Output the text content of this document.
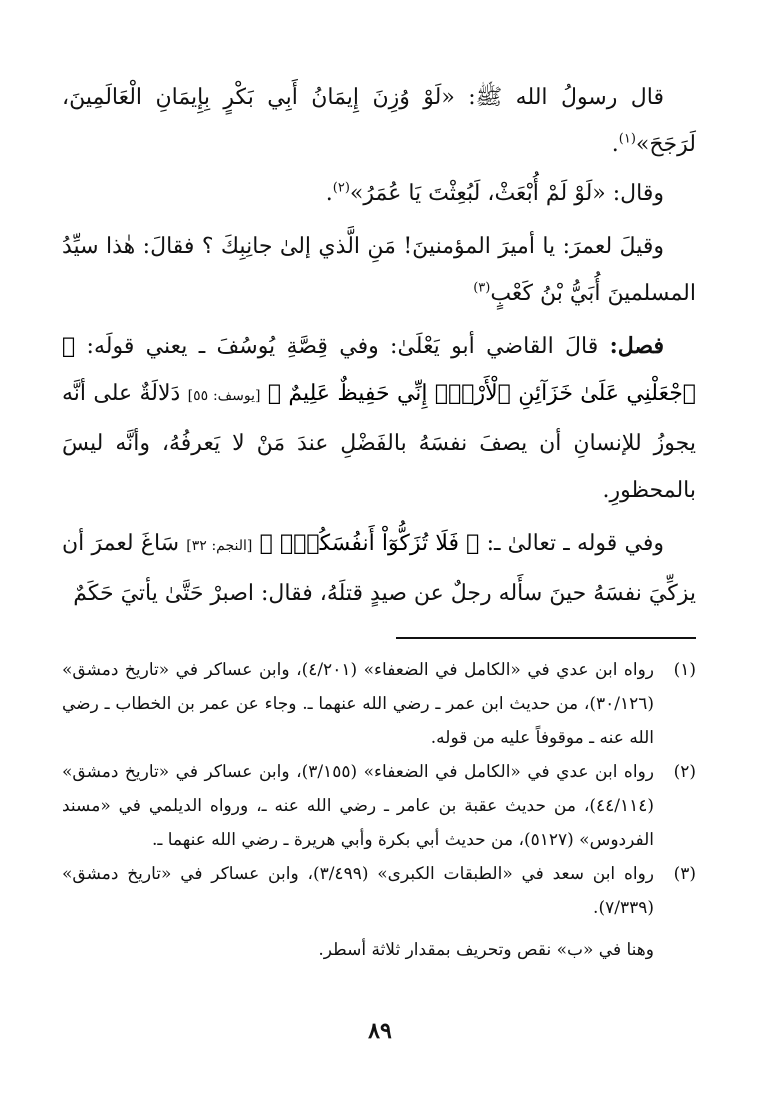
قال رسولُ الله ﷺ: «لَوْ وُزِنَ إِيمَانُ أَبِي بَكْرٍ بِإِيمَانِ الْعَالَمِينَ، لَرَجَحَ»$^{(١)}$.

وقال: «لَوْ لَمْ أُبْعَثْ، لَبُعِثْتَ يَا عُمَرُ»$^{(٢)}$.

وقيلَ لعمرَ: يا أميرَ المؤمنينَ! مَنِ الَّذي إلىٰ جانِبِكَ ؟ فقالَ: هٰذا سيِّدُ المسلمينَ أُبَيُّ بْنُ كَعْبٍ$^{(٣)}$

فصل: قالَ القاضي أبو يَعْلَىٰ: وفي قِصَّةِ يُوسُفَ ـ يعني قولَه: ﴿ ٱجْعَلْنِي عَلَىٰ خَزَآئِنِ ٱلْأَرْضِۖ إِنِّي حَفِيظٌ عَلِيمٌ ﴾ [يوسف: ٥٥] دَلالَةٌ على أنَّه يجوزُ للإنسانِ أن يصفَ نفسَهُ بالفَضْلِ عندَ مَنْ لا يَعرفُهُ، وأنَّه ليسَ بالمحظورِ.

وفي قوله ـ تعالىٰ ـ: ﴿ فَلَا تُزَكُّوٓاْ أَنفُسَكُمْۖ ﴾ [النجم: ٣٢] سَاغَ لعمرَ أن يزكِّيَ نفسَهُ حينَ سأَله رجلٌ عن صيدٍ قتلَهُ، فقال: اصبرْ حَتَّىٰ يأتيَ حَكَمٌ

(١)
رواه ابن عدي في «الكامل في الضعفاء» (٤/٢٠١)، وابن عساكر في «تاريخ دمشق» (٣٠/١٢٦)، من حديث ابن عمر ـ رضي الله عنهما ـ. وجاء عن عمر بن الخطاب ـ رضي الله عنه ـ موقوفاً عليه من قوله.
(٢)
رواه ابن عدي في «الكامل في الضعفاء» (٣/١٥٥)، وابن عساكر في «تاريخ دمشق» (٤٤/١١٤)، من حديث عقبة بن عامر ـ رضي الله عنه ـ، ورواه الديلمي في «مسند الفردوس» (٥١٢٧)، من حديث أبي بكرة وأبي هريرة ـ رضي الله عنهما ـ.
(٣)
رواه ابن سعد في «الطبقات الكبرى» (٣/٤٩٩)، وابن عساكر في «تاريخ دمشق» (٧/٣٣٩).
وهنا في «ب» نقص وتحريف بمقدار ثلاثة أسطر.
٨٩
